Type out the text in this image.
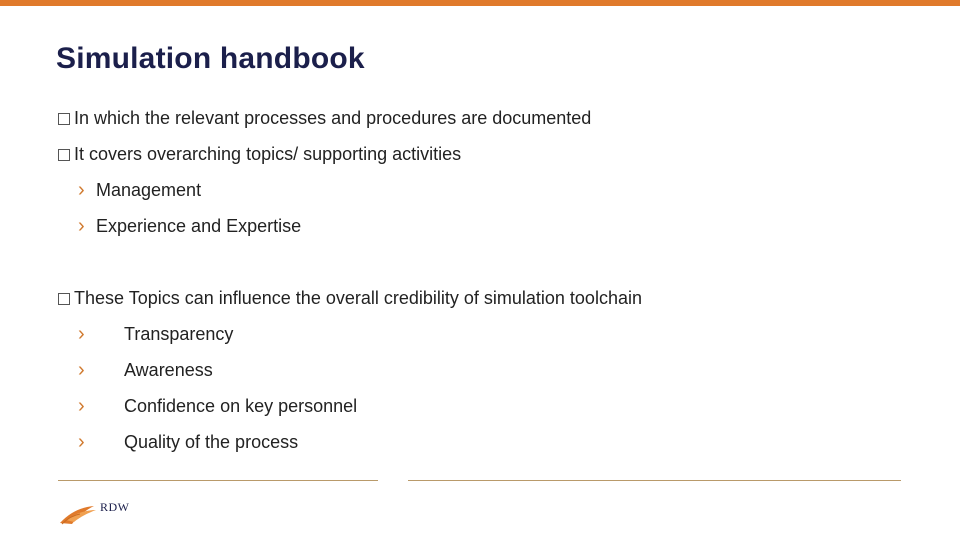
Simulation handbook
In which the relevant processes and procedures are documented
It covers overarching topics/ supporting activities
› Management
› Experience and Expertise
These Topics can influence the overall credibility of simulation toolchain
› Transparency
› Awareness
› Confidence on key personnel
› Quality of the process
RDW
